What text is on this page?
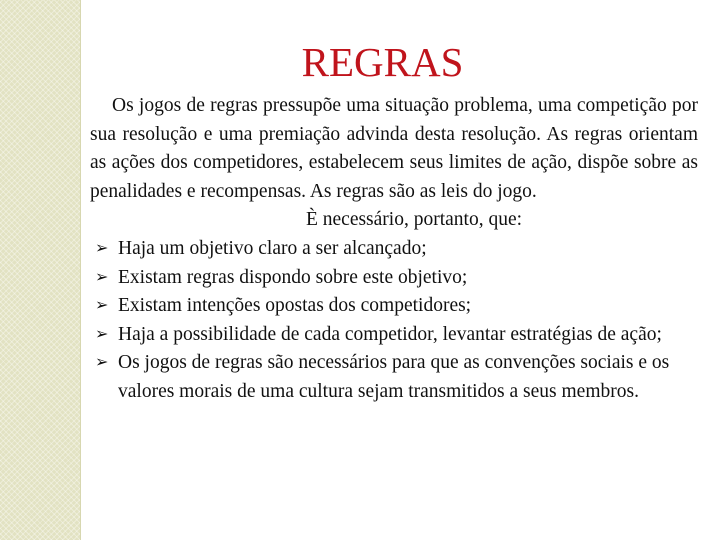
REGRAS

Os jogos de regras pressupõe uma situação problema, uma competição por sua resolução e uma premiação advinda desta resolução. As regras orientam as ações dos competidores, estabelecem seus limites de ação, dispõe sobre as penalidades e recompensas. As regras são as leis do jogo.

È necessário, portanto, que:

➢ Haja um objetivo claro a ser alcançado;
➢ Existam regras dispondo sobre este objetivo;
➢ Existam intenções opostas dos competidores;
➢ Haja a possibilidade de cada competidor, levantar estratégias de ação;
➢ Os jogos de regras são necessários para que as convenções sociais e os valores morais de uma cultura sejam transmitidos a seus membros.
